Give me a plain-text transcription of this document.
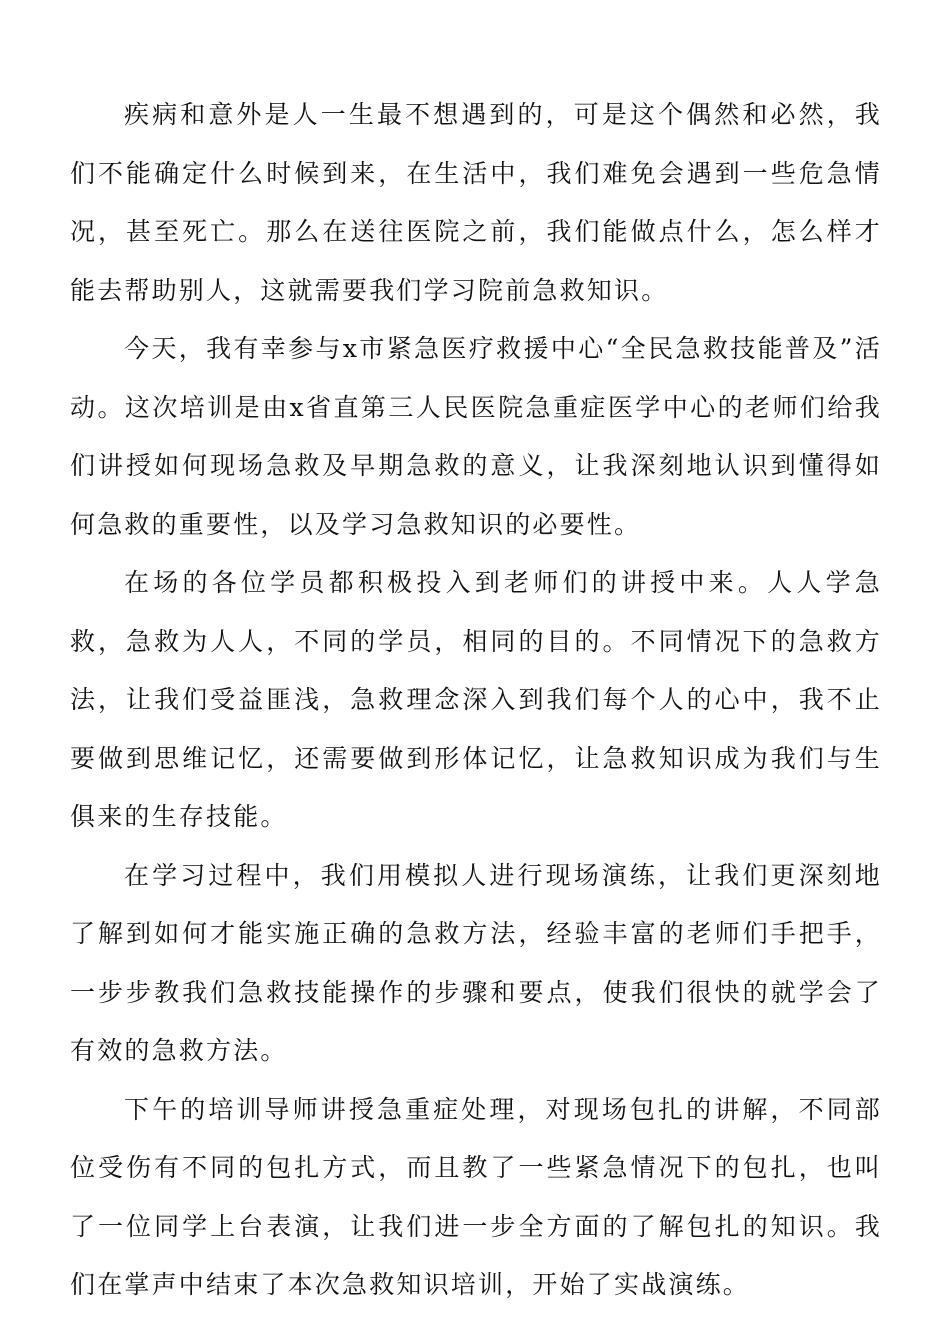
疾病和意外是人一生最不想遇到的，可是这个偶然和必然，我们不能确定什么时候到来，在生活中，我们难免会遇到一些危急情况，甚至死亡。那么在送往医院之前，我们能做点什么，怎么样才能去帮助别人，这就需要我们学习院前急救知识。

今天，我有幸参与x市紧急医疗救援中心“全民急救技能普及”活动。这次培训是由x省直第三人民医院急重症医学中心的老师们给我们讲授如何现场急救及早期急救的意义，让我深刻地认识到懂得如何急救的重要性，以及学习急救知识的必要性。

在场的各位学员都积极投入到老师们的讲授中来。人人学急救，急救为人人，不同的学员，相同的目的。不同情况下的急救方法，让我们受益匪浅，急救理念深入到我们每个人的心中，我不止要做到思维记忆，还需要做到形体记忆，让急救知识成为我们与生俱来的生存技能。

在学习过程中，我们用模拟人进行现场演练，让我们更深刻地了解到如何才能实施正确的急救方法，经验丰富的老师们手把手，一步步教我们急救技能操作的步骤和要点，使我们很快的就学会了有效的急救方法。

下午的培训导师讲授急重症处理，对现场包扎的讲解，不同部位受伤有不同的包扎方式，而且教了一些紧急情况下的包扎，也叫了一位同学上台表演，让我们进一步全方面的了解包扎的知识。我们在掌声中结束了本次急救知识培训，开始了实战演练。
